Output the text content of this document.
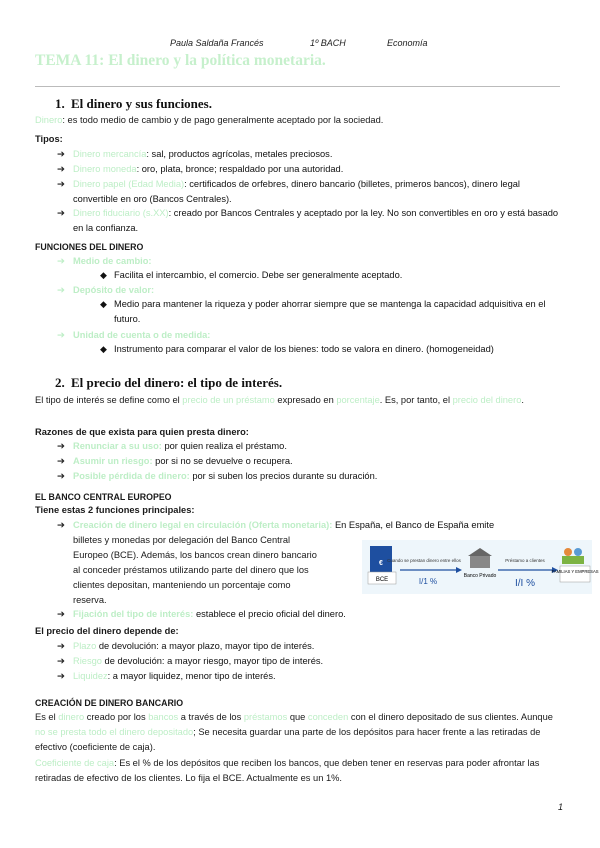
Paula Saldaña Francés	1º BACH	Economía
TEMA 11: El dinero y la política monetaria.
1. El dinero y sus funciones.
Dinero: es todo medio de cambio y de pago generalmente aceptado por la sociedad.
Tipos:
➔ Dinero mercancía: sal, productos agrícolas, metales preciosos.
➔ Dinero moneda: oro, plata, bronce; respaldado por una autoridad.
➔ Dinero papel (Edad Media): certificados de orfebres, dinero bancario (billetes, primeros bancos), dinero legal convertible en oro (Bancos Centrales).
➔ Dinero fiduciario (s.XX): creado por Bancos Centrales y aceptado por la ley. No son convertibles en oro y está basado en la confianza.
FUNCIONES DEL DINERO
➔ Medio de cambio:
◆ Facilita el intercambio, el comercio. Debe ser generalmente aceptado.
➔ Depósito de valor:
◆ Medio para mantener la riqueza y poder ahorrar siempre que se mantenga la capacidad adquisitiva en el futuro.
➔ Unidad de cuenta o de medida:
◆ Instrumento para comparar el valor de los bienes: todo se valora en dinero. (homogeneidad)
2. El precio del dinero: el tipo de interés.
El tipo de interés se define como el precio de un préstamo expresado en porcentaje. Es, por tanto, el precio del dinero.
Razones de que exista para quien presta dinero:
➔ Renunciar a su uso: por quien realiza el préstamo.
➔ Asumir un riesgo: por si no se devuelve o recupera.
➔ Posible pérdida de dinero: por si suben los precios durante su duración.
EL BANCO CENTRAL EUROPEO
Tiene estas 2 funciones principales:
➔ Creación de dinero legal en circulación (Oferta monetaria): En España, el Banco de España emite
billetes y monedas por delegación del Banco Central
Europeo (BCE). Además, los bancos crean dinero bancario
al conceder préstamos utilizando parte del dinero que los
clientes depositan, manteniendo un porcentaje como
reserva.
€
BCE
Cuando se prestan dinero entre ellos
I/1 %
Banco Privado
Préstamo a clientes
I/I %
FAMILIAS Y EMPRESAS
➔ Fijación del tipo de interés: establece el precio oficial del dinero.
El precio del dinero depende de:
➔ Plazo de devolución: a mayor plazo, mayor tipo de interés.
➔ Riesgo de devolución: a mayor riesgo, mayor tipo de interés.
➔ Liquidez: a mayor liquidez, menor tipo de interés.
CREACIÓN DE DINERO BANCARIO
Es el dinero creado por los bancos a través de los préstamos que conceden con el dinero depositado de sus clientes. Aunque no se presta todo el dinero depositado; Se necesita guardar una parte de los depósitos para hacer frente a las retiradas de efectivo (coeficiente de caja).
Coeficiente de caja: Es el % de los depósitos que reciben los bancos, que deben tener en reservas para poder afrontar las retiradas de efectivo de los clientes. Lo fija el BCE. Actualmente es un 1%.
1
